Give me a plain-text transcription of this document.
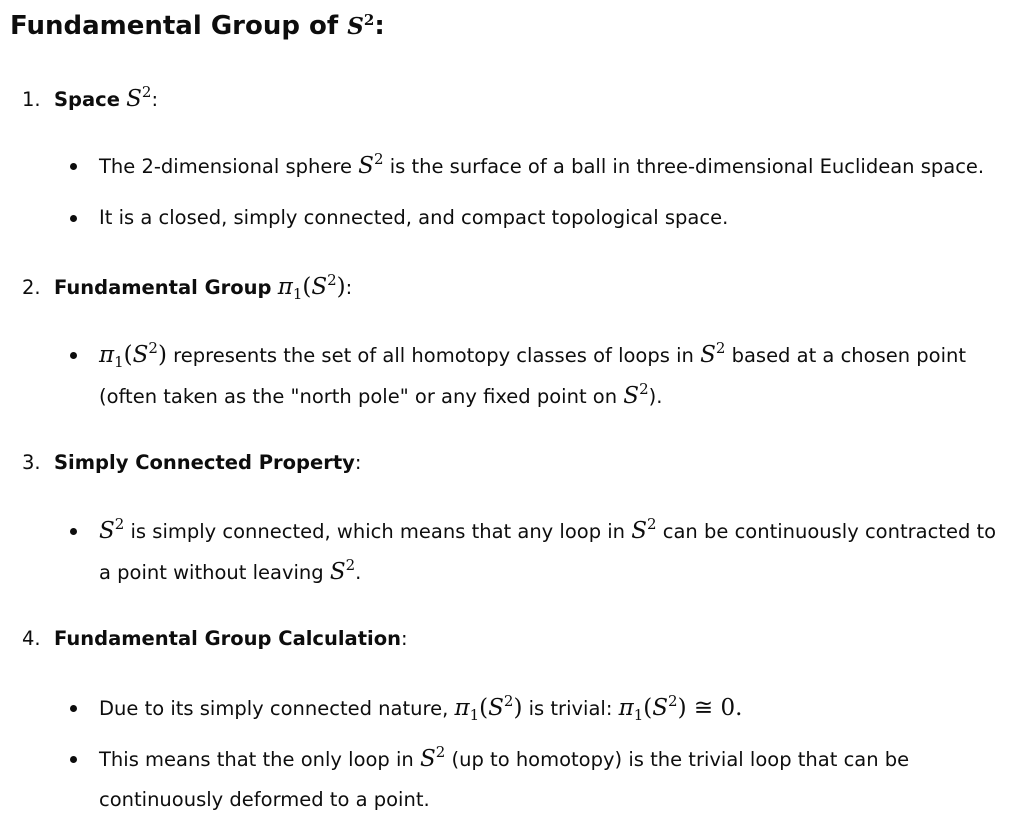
Fundamental Group of $S^2$:
1. Space $S^2$:
The 2-dimensional sphere $S^2$ is the surface of a ball in three-dimensional Euclidean space.
It is a closed, simply connected, and compact topological space.
2. Fundamental Group $\pi_1(S^2)$:
$\pi_1(S^2)$ represents the set of all homotopy classes of loops in $S^2$ based at a chosen point
(often taken as the "north pole" or any fixed point on $S^2$).
3. Simply Connected Property:
$S^2$ is simply connected, which means that any loop in $S^2$ can be continuously contracted to
a point without leaving $S^2$.
4. Fundamental Group Calculation:
Due to its simply connected nature, $\pi_1(S^2)$ is trivial: $\pi_1(S^2)$ ≅ 0.
This means that the only loop in $S^2$ (up to homotopy) is the trivial loop that can be
continuously deformed to a point.
